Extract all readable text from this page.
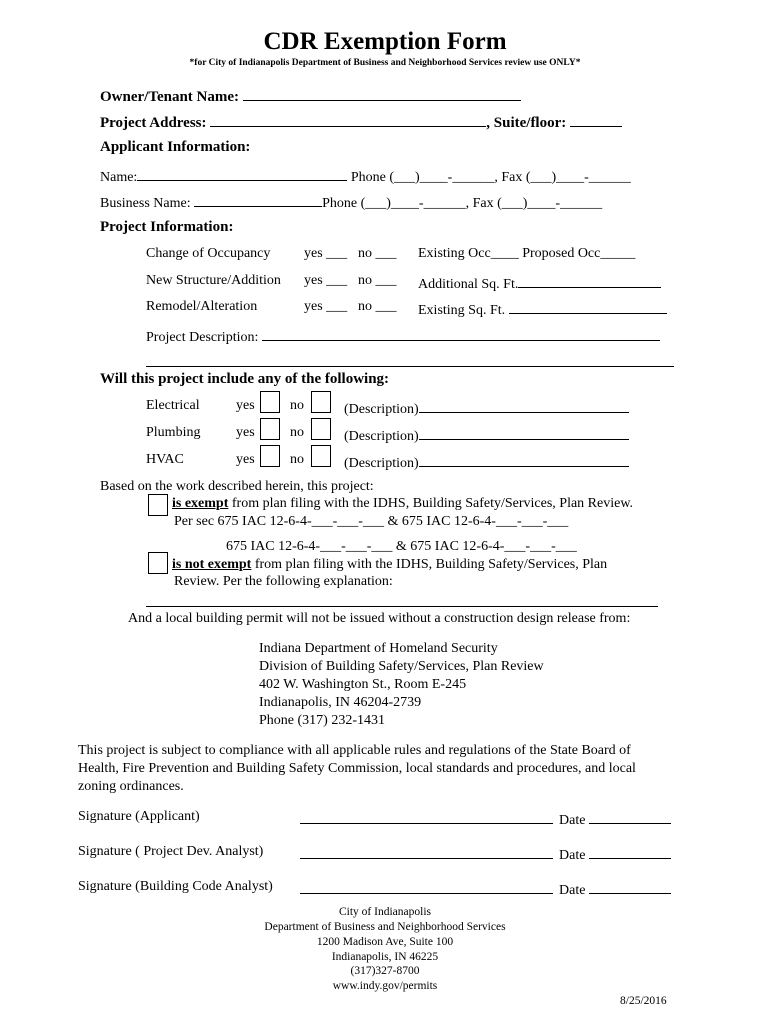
CDR Exemption Form
*for City of Indianapolis Department of Business and Neighborhood Services review use ONLY*
Owner/Tenant Name:
Project Address:	, Suite/floor:
Applicant Information:
Name:	Phone (___)____-______, Fax (___)____-______
Business Name:	Phone (___)____-______, Fax (___)____-______
Project Information:
Change of Occupancy yes ___ no ___ Existing Occ____ Proposed Occ_____
New Structure/Addition yes ___ no ___ Additional Sq. Ft.
Remodel/Alteration	yes ___ no ___ Existing Sq. Ft.
Project Description:
Will this project include any of the following:
Electrical	yes	no	(Description)
Plumbing	yes	no	(Description)
HVAC	yes	no	(Description)
Based on the work described herein, this project:
is exempt from plan filing with the IDHS, Building Safety/Services, Plan Review.
Per sec 675 IAC 12-6-4-___-___-___ & 675 IAC 12-6-4-___-___-___
675 IAC 12-6-4-___-___-___ & 675 IAC 12-6-4-___-___-___
is not exempt from plan filing with the IDHS, Building Safety/Services, Plan
Review. Per the following explanation:
And a local building permit will not be issued without a construction design release from:
Indiana Department of Homeland Security
Division of Building Safety/Services, Plan Review
402 W. Washington St., Room E-245
Indianapolis, IN 46204-2739
Phone (317) 232-1431
This project is subject to compliance with all applicable rules and regulations of the State Board of
Health, Fire Prevention and Building Safety Commission, local standards and procedures, and local
zoning ordinances.
Signature (Applicant)	Date
Signature ( Project Dev. Analyst)	Date
Signature (Building Code Analyst)	Date
City of Indianapolis
Department of Business and Neighborhood Services
1200 Madison Ave, Suite 100
Indianapolis, IN 46225
(317)327-8700
www.indy.gov/permits
8/25/2016
